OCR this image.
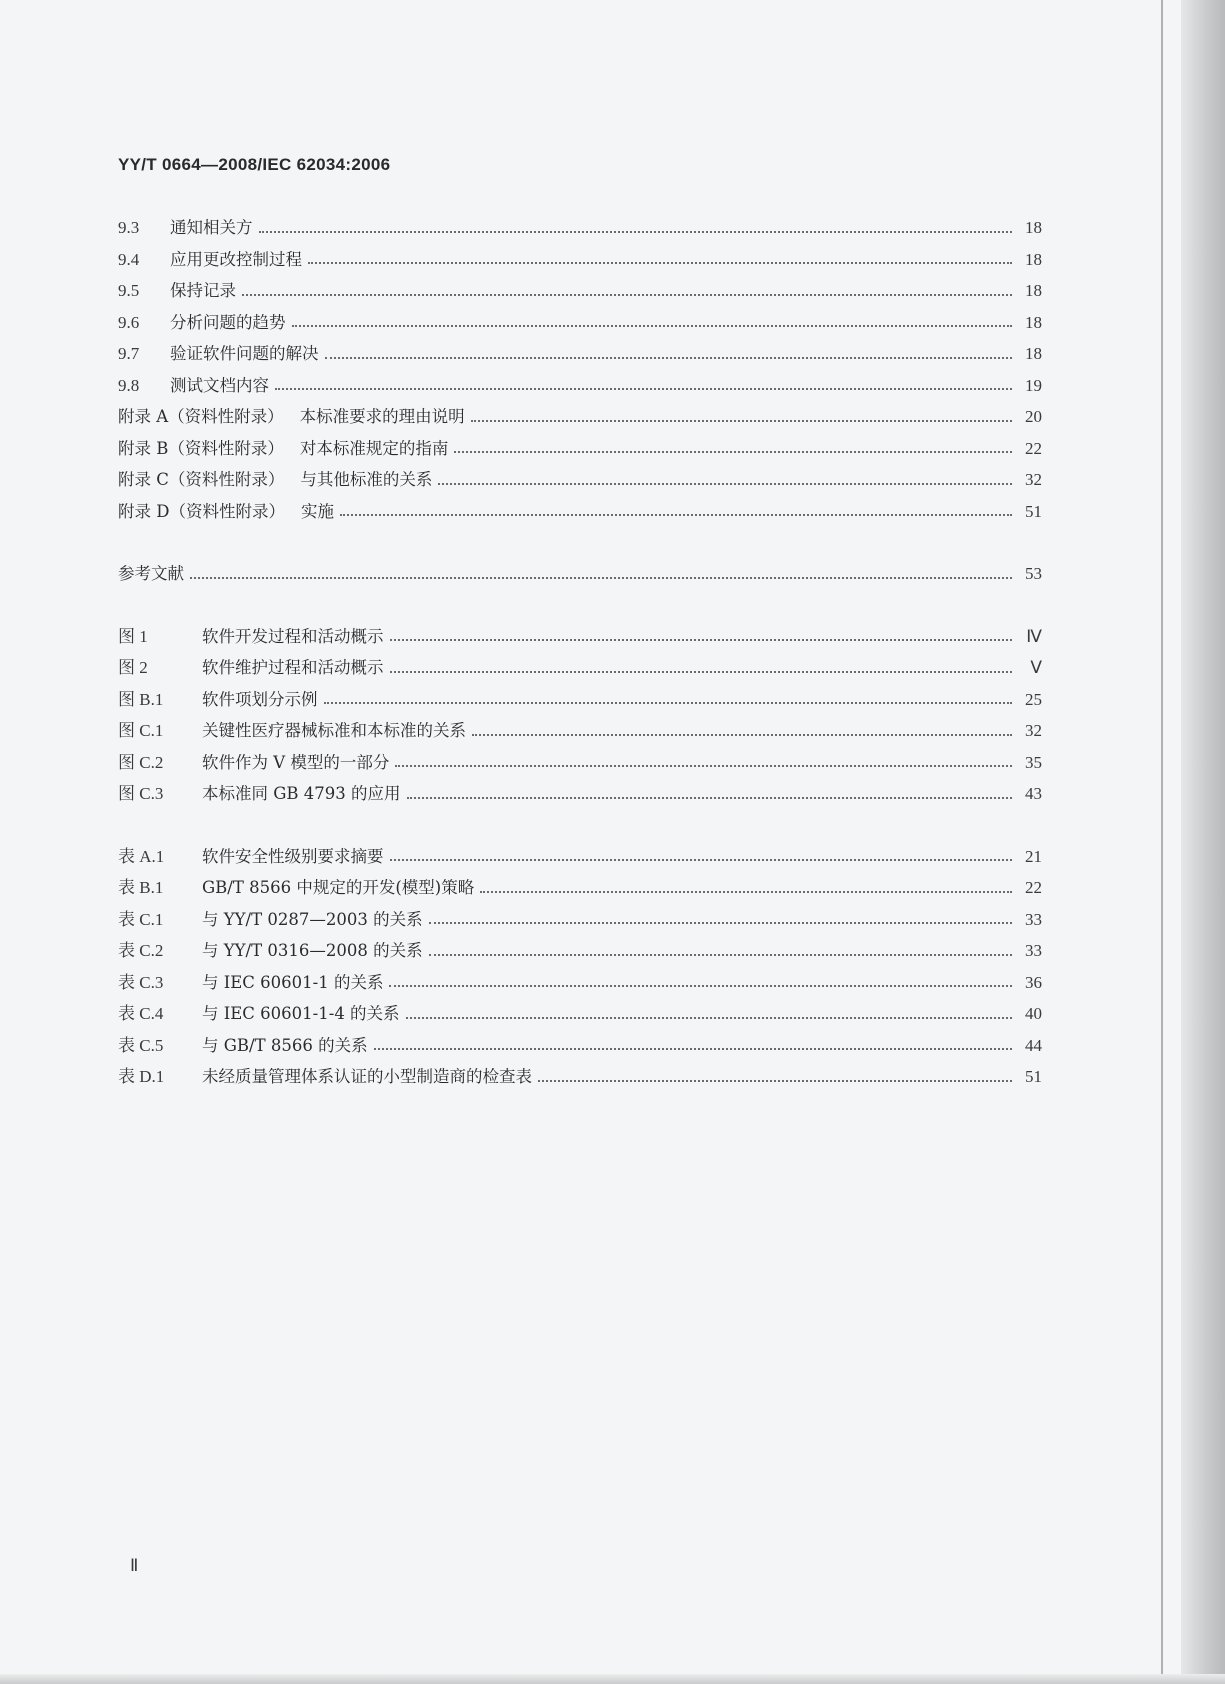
YY/T 0664—2008/IEC 62034:2006
9.3	通知相关方	18
9.4	应用更改控制过程	18
9.5	保持记录	18
9.6	分析问题的趋势	18
9.7	验证软件问题的解决	18
9.8	测试文档内容	19
附录 A（资料性附录） 本标准要求的理由说明	20
附录 B（资料性附录） 对本标准规定的指南	22
附录 C（资料性附录） 与其他标准的关系	32
附录 D（资料性附录） 实施	51
参考文献	53
图 1	软件开发过程和活动概示	Ⅳ
图 2	软件维护过程和活动概示	Ⅴ
图 B.1	软件项划分示例	25
图 C.1	关键性医疗器械标准和本标准的关系	32
图 C.2	软件作为 V 模型的一部分	35
图 C.3	本标准同 GB 4793 的应用	43
表 A.1	软件安全性级别要求摘要	21
表 B.1	GB/T 8566 中规定的开发(模型)策略	22
表 C.1	与 YY/T 0287—2003 的关系	33
表 C.2	与 YY/T 0316—2008 的关系	33
表 C.3	与 IEC 60601-1 的关系	36
表 C.4	与 IEC 60601-1-4 的关系	40
表 C.5	与 GB/T 8566 的关系	44
表 D.1	未经质量管理体系认证的小型制造商的检查表	51
Ⅱ
